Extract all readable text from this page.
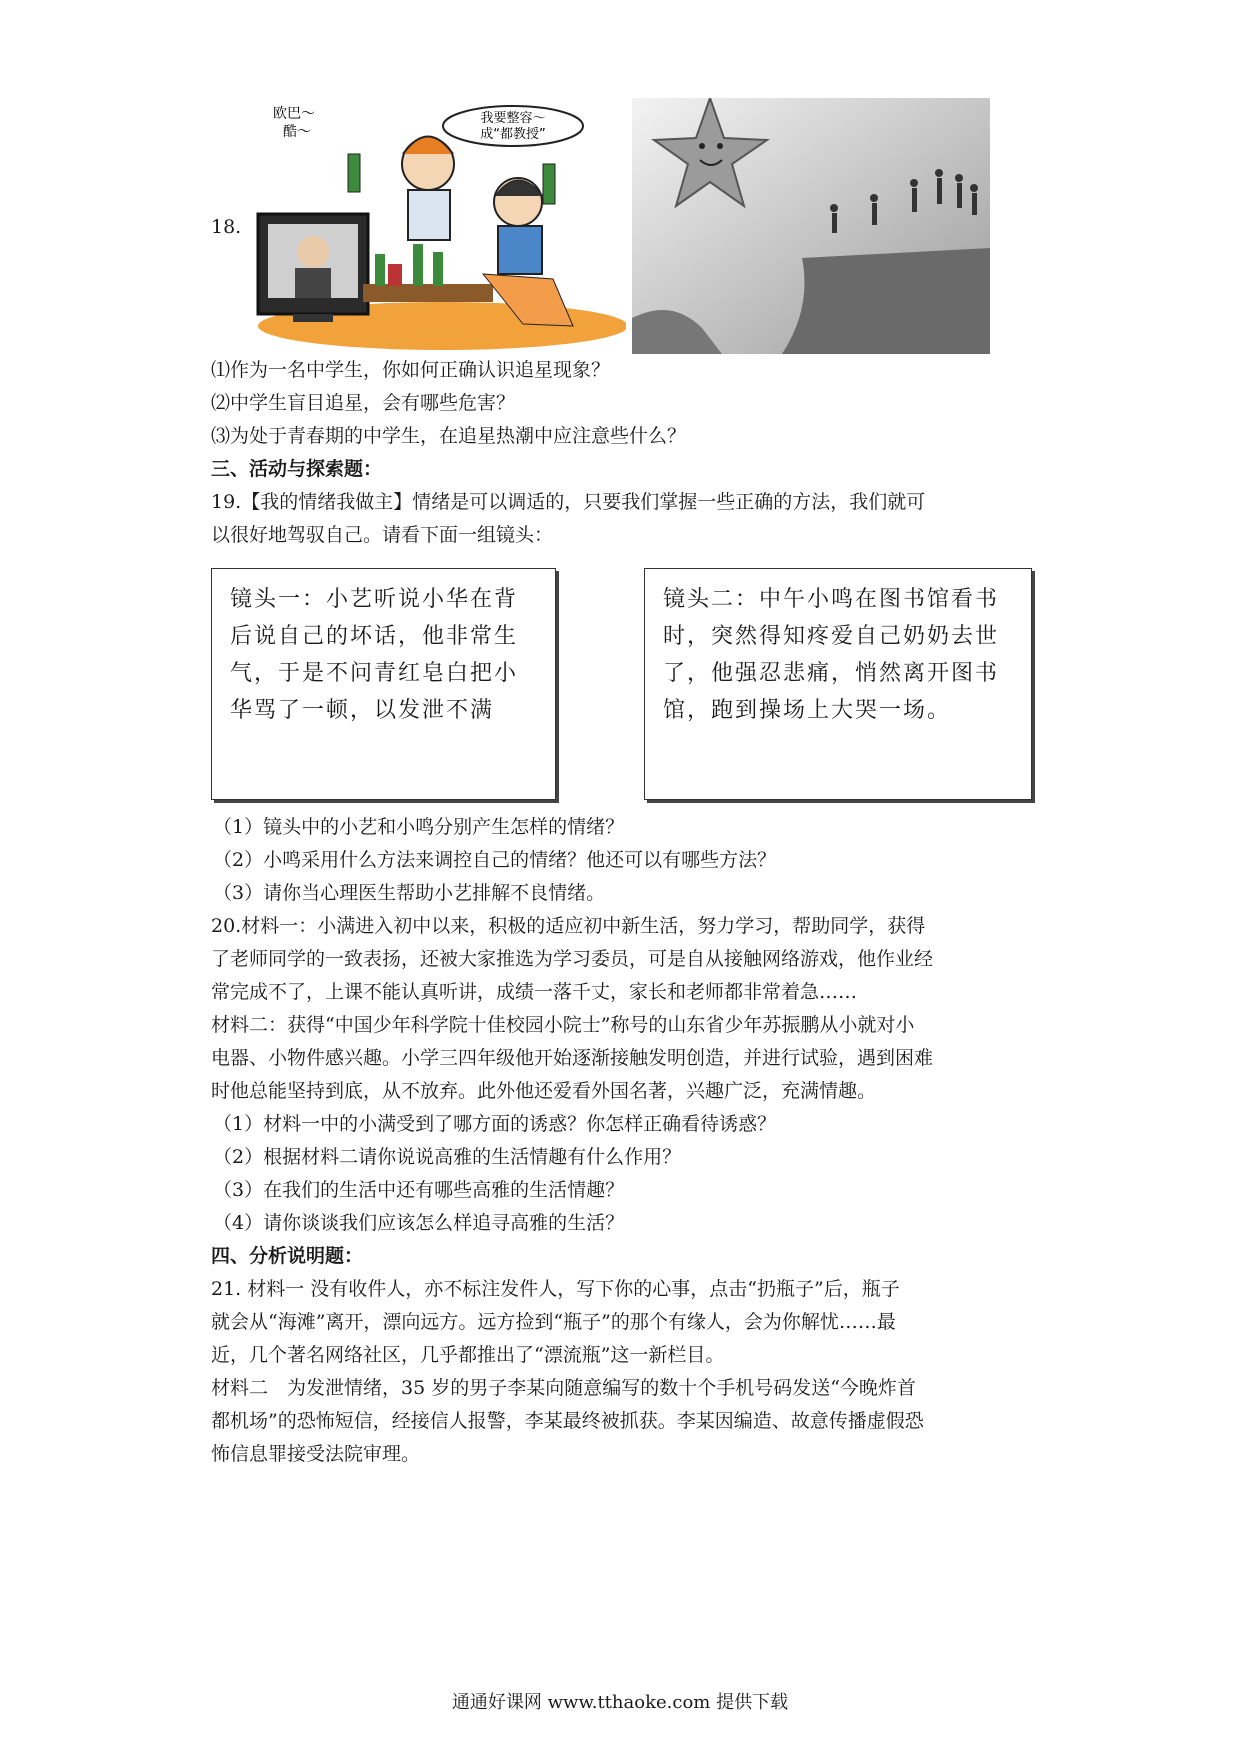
18.
我要整容～
成“都教授”
欧巴～
酷～
⑴作为一名中学生，你如何正确认识追星现象？
⑵中学生盲目追星，会有哪些危害？
⑶为处于青春期的中学生，在追星热潮中应注意些什么？
三、活动与探索题：
19.【我的情绪我做主】情绪是可以调适的，只要我们掌握一些正确的方法，我们就可
以很好地驾驭自己。请看下面一组镜头：
镜头一：小艺听说小华在背
后说自己的坏话，他非常生
气，于是不问青红皂白把小
华骂了一顿，以发泄不满
镜头二：中午小鸣在图书馆看书
时，突然得知疼爱自己奶奶去世
了，他强忍悲痛，悄然离开图书
馆，跑到操场上大哭一场。
（1）镜头中的小艺和小鸣分别产生怎样的情绪？
（2）小鸣采用什么方法来调控自己的情绪？他还可以有哪些方法？
（3）请你当心理医生帮助小艺排解不良情绪。
20.材料一：小满进入初中以来，积极的适应初中新生活，努力学习，帮助同学，获得
了老师同学的一致表扬，还被大家推选为学习委员，可是自从接触网络游戏，他作业经
常完成不了，上课不能认真听讲，成绩一落千丈，家长和老师都非常着急……
材料二：获得“中国少年科学院十佳校园小院士”称号的山东省少年苏振鹏从小就对小
电器、小物件感兴趣。小学三四年级他开始逐渐接触发明创造，并进行试验，遇到困难
时他总能坚持到底，从不放弃。此外他还爱看外国名著，兴趣广泛，充满情趣。
（1）材料一中的小满受到了哪方面的诱惑？你怎样正确看待诱惑？
（2）根据材料二请你说说高雅的生活情趣有什么作用？
（3）在我们的生活中还有哪些高雅的生活情趣？
（4）请你谈谈我们应该怎么样追寻高雅的生活？
四、分析说明题：
21. 材料一 没有收件人，亦不标注发件人，写下你的心事，点击“扔瓶子”后，瓶子
就会从“海滩”离开，漂向远方。远方捡到“瓶子”的那个有缘人，会为你解忧……最
近，几个著名网络社区，几乎都推出了“漂流瓶”这一新栏目。
材料二　为发泄情绪，35 岁的男子李某向随意编写的数十个手机号码发送“今晚炸首
都机场”的恐怖短信，经接信人报警，李某最终被抓获。李某因编造、故意传播虚假恐
怖信息罪接受法院审理。
通通好课网 www.tthaoke.com 提供下载
